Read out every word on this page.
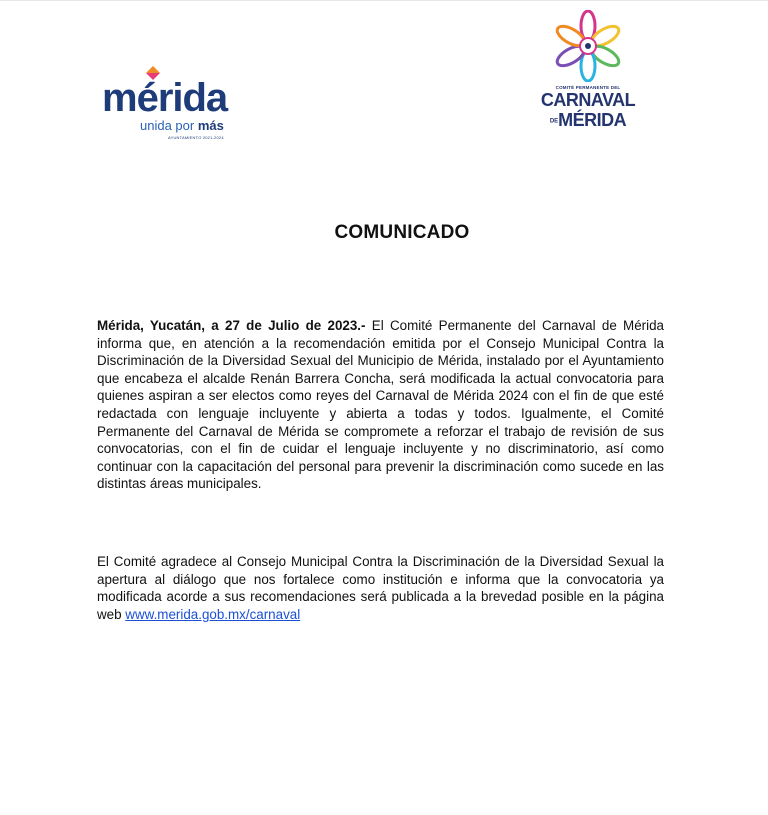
mérida
unida por más
AYUNTAMIENTO 2021-2024
COMITÉ PERMANENTE DEL
CARNAVAL
DEMÉRIDA
COMUNICADO
Mérida, Yucatán, a 27 de Julio de 2023.- El Comité Permanente del Carnaval de Mérida informa que, en atención a la recomendación emitida por el Consejo Municipal Contra la Discriminación de la Diversidad Sexual del Municipio de Mérida, instalado por el Ayuntamiento que encabeza el alcalde Renán Barrera Concha, será modificada la actual convocatoria para quienes aspiran a ser electos como reyes del Carnaval de Mérida 2024 con el fin de que esté redactada con lenguaje incluyente y abierta a todas y todos. Igualmente, el Comité Permanente del Carnaval de Mérida se compromete a reforzar el trabajo de revisión de sus convocatorias, con el fin de cuidar el lenguaje incluyente y no discriminatorio, así como continuar con la capacitación del personal para prevenir la discriminación como sucede en las distintas áreas municipales.
El Comité agradece al Consejo Municipal Contra la Discriminación de la Diversidad Sexual la apertura al diálogo que nos fortalece como institución e informa que la convocatoria ya modificada acorde a sus recomendaciones será publicada a la brevedad posible en la página web www.merida.gob.mx/carnaval
